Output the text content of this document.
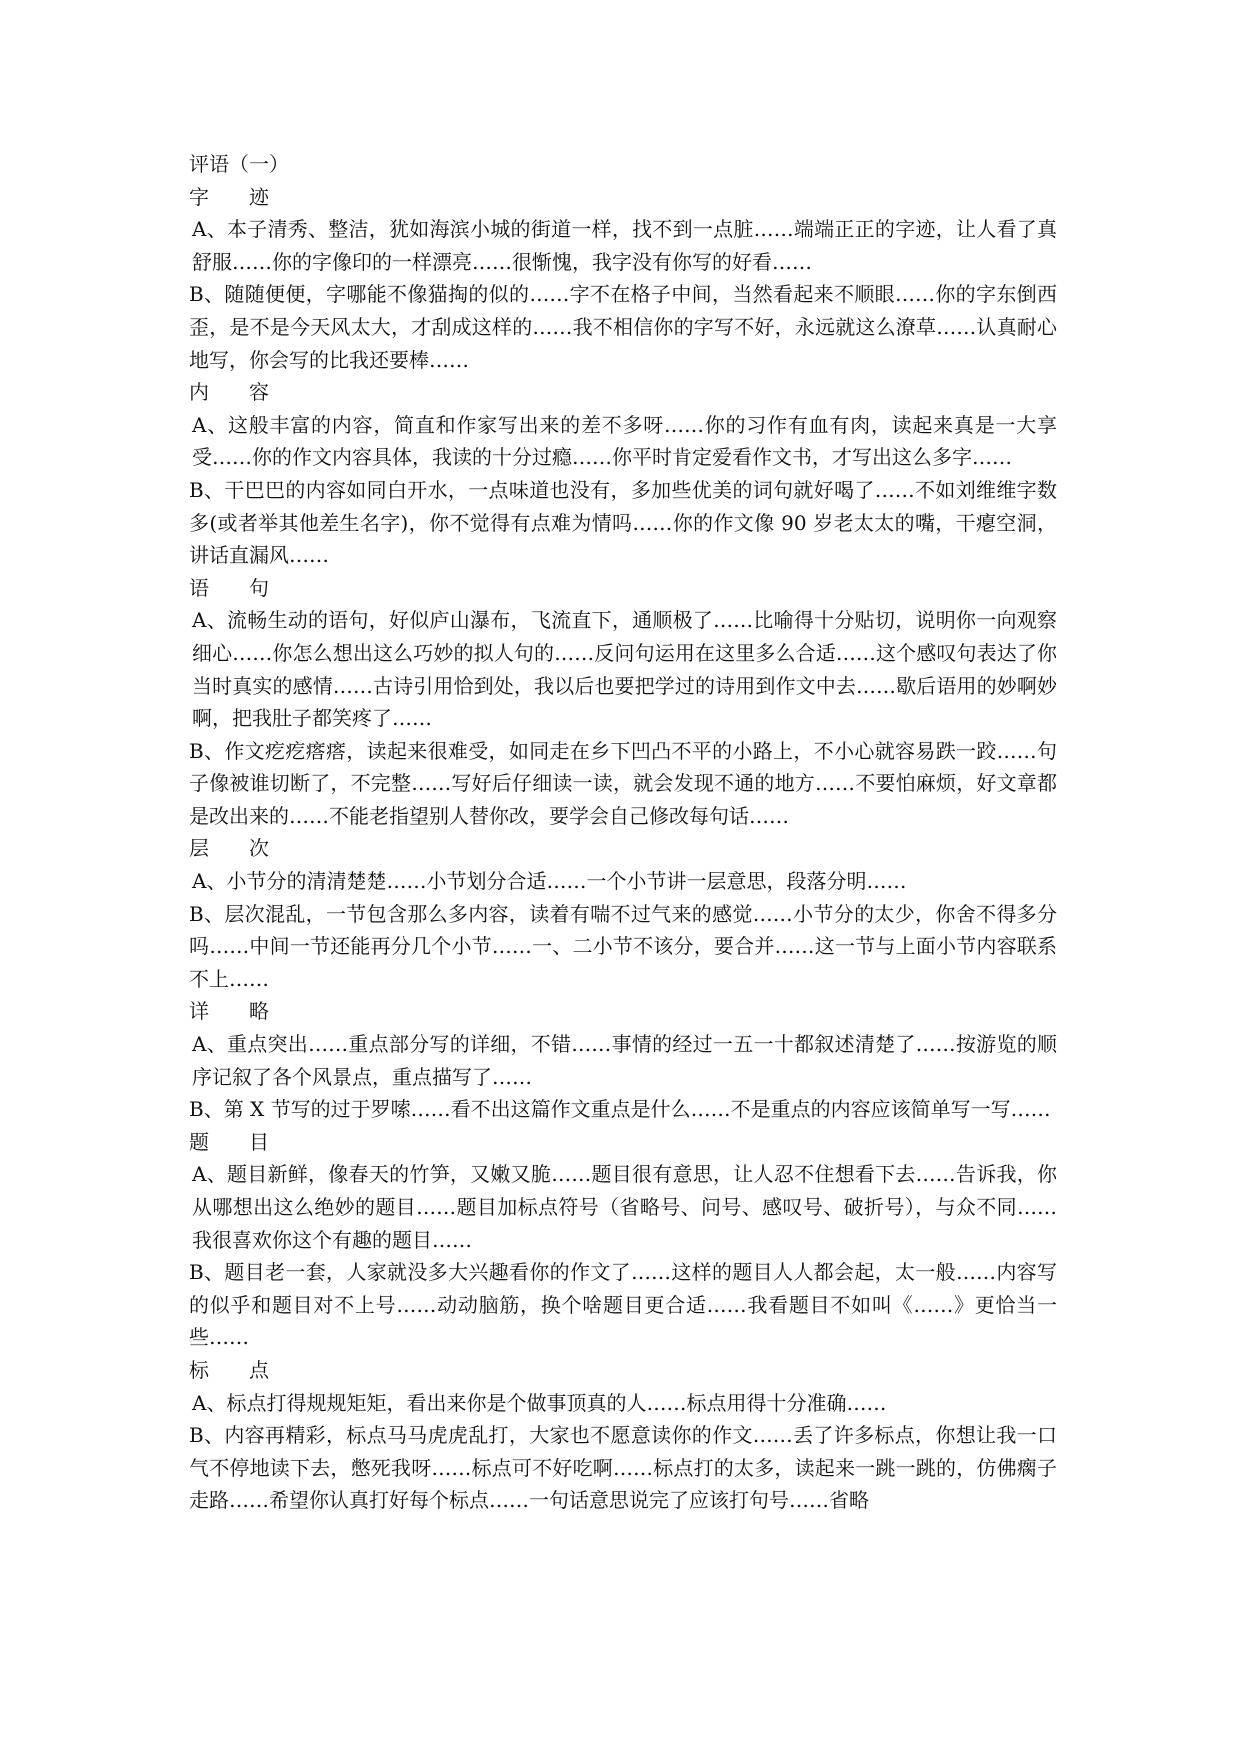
评语（一）

字　　迹

A、本子清秀、整洁，犹如海滨小城的街道一样，找不到一点脏……端端正正的字迹，让人看了真舒服……你的字像印的一样漂亮……很惭愧，我字没有你写的好看……

B、随随便便，字哪能不像猫掏的似的……字不在格子中间，当然看起来不顺眼……你的字东倒西歪，是不是今天风太大，才刮成这样的……我不相信你的字写不好，永远就这么潦草……认真耐心地写，你会写的比我还要棒……

内　　容

A、这般丰富的内容，简直和作家写出来的差不多呀……你的习作有血有肉，读起来真是一大享受……你的作文内容具体，我读的十分过瘾……你平时肯定爱看作文书，才写出这么多字……

B、干巴巴的内容如同白开水，一点味道也没有，多加些优美的词句就好喝了……不如刘维维字数多(或者举其他差生名字)，你不觉得有点难为情吗……你的作文像 90 岁老太太的嘴，干瘪空洞，讲话直漏风……

语　　句

A、流畅生动的语句，好似庐山瀑布，飞流直下，通顺极了……比喻得十分贴切，说明你一向观察细心……你怎么想出这么巧妙的拟人句的……反问句运用在这里多么合适……这个感叹句表达了你当时真实的感情……古诗引用恰到处，我以后也要把学过的诗用到作文中去……歇后语用的妙啊妙啊，把我肚子都笑疼了……

B、作文疙疙瘩瘩，读起来很难受，如同走在乡下凹凸不平的小路上，不小心就容易跌一跤……句子像被谁切断了，不完整……写好后仔细读一读，就会发现不通的地方……不要怕麻烦，好文章都是改出来的……不能老指望别人替你改，要学会自己修改每句话……

层　　次

A、小节分的清清楚楚……小节划分合适……一个小节讲一层意思，段落分明……

B、层次混乱，一节包含那么多内容，读着有喘不过气来的感觉……小节分的太少，你舍不得多分吗……中间一节还能再分几个小节……一、二小节不该分，要合并……这一节与上面小节内容联系不上……

详　　略

A、重点突出……重点部分写的详细，不错……事情的经过一五一十都叙述清楚了……按游览的顺序记叙了各个风景点，重点描写了……

B、第 X 节写的过于罗嗦……看不出这篇作文重点是什么……不是重点的内容应该简单写一写……

题　　目

A、题目新鲜，像春天的竹笋，又嫩又脆……题目很有意思，让人忍不住想看下去……告诉我，你从哪想出这么绝妙的题目……题目加标点符号（省略号、问号、感叹号、破折号），与众不同……我很喜欢你这个有趣的题目……

B、题目老一套，人家就没多大兴趣看你的作文了……这样的题目人人都会起，太一般……内容写的似乎和题目对不上号……动动脑筋，换个啥题目更合适……我看题目不如叫《……》更恰当一些……

标　　点

A、标点打得规规矩矩，看出来你是个做事顶真的人……标点用得十分准确……

B、内容再精彩，标点马马虎虎乱打，大家也不愿意读你的作文……丢了许多标点，你想让我一口气不停地读下去，憋死我呀……标点可不好吃啊……标点打的太多，读起来一跳一跳的，仿佛瘸子走路……希望你认真打好每个标点……一句话意思说完了应该打句号……省略
